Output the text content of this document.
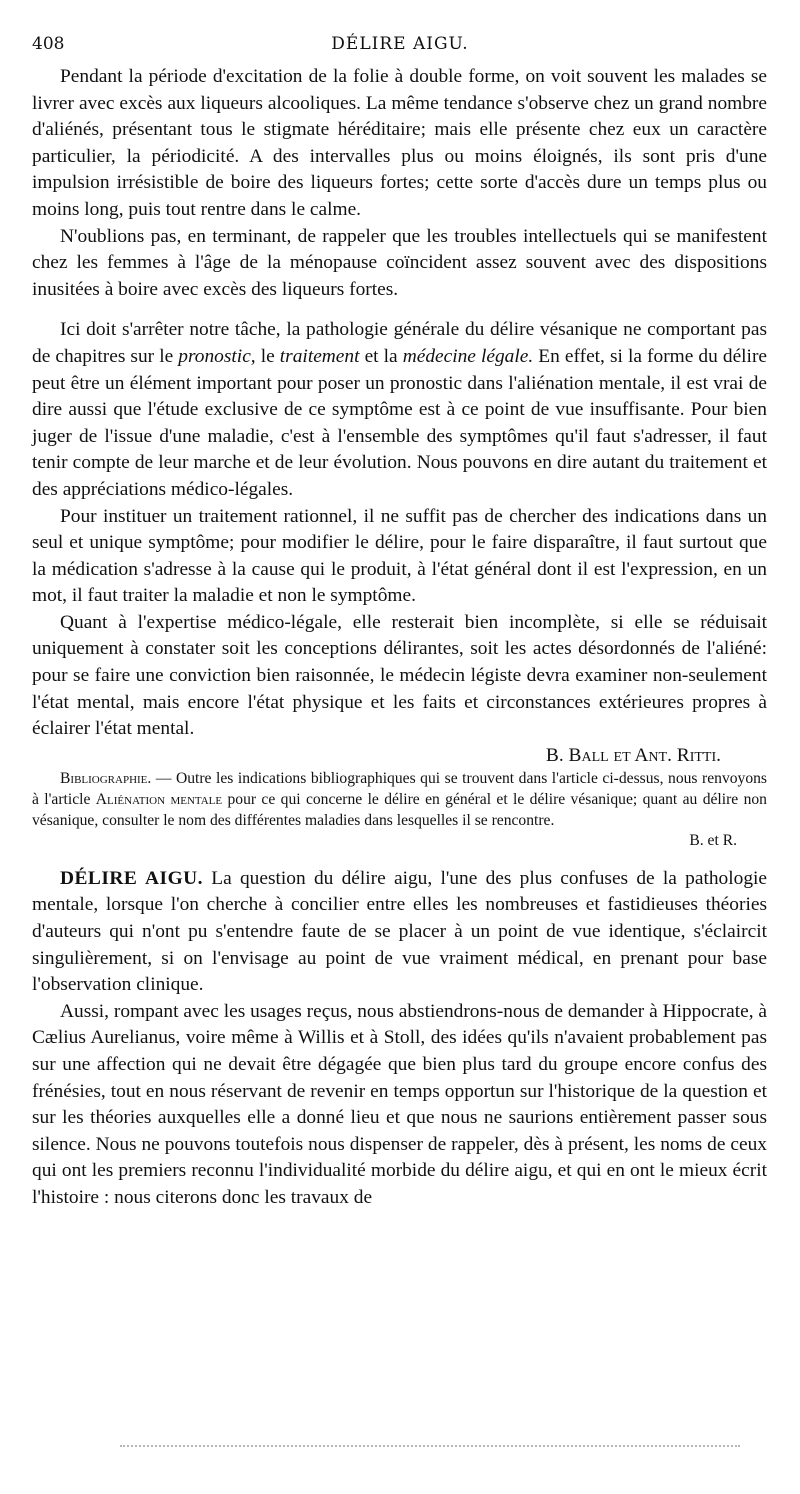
408	DÉLIRE AIGU.

Pendant la période d'excitation de la folie à double forme, on voit souvent les malades se livrer avec excès aux liqueurs alcooliques. La même tendance s'observe chez un grand nombre d'aliénés, présentant tous le stigmate héréditaire; mais elle présente chez eux un caractère particulier, la périodicité. A des intervalles plus ou moins éloignés, ils sont pris d'une impulsion irrésistible de boire des liqueurs fortes; cette sorte d'accès dure un temps plus ou moins long, puis tout rentre dans le calme.

N'oublions pas, en terminant, de rappeler que les troubles intellectuels qui se manifestent chez les femmes à l'âge de la ménopause coïncident assez souvent avec des dispositions inusitées à boire avec excès des liqueurs fortes.

Ici doit s'arrêter notre tâche, la pathologie générale du délire vésanique ne comportant pas de chapitres sur le pronostic, le traitement et la médecine légale. En effet, si la forme du délire peut être un élément important pour poser un pronostic dans l'aliénation mentale, il est vrai de dire aussi que l'étude exclusive de ce symptôme est à ce point de vue insuffisante. Pour bien juger de l'issue d'une maladie, c'est à l'ensemble des symptômes qu'il faut s'adresser, il faut tenir compte de leur marche et de leur évolution. Nous pouvons en dire autant du traitement et des appréciations médico-légales.

Pour instituer un traitement rationnel, il ne suffit pas de chercher des indications dans un seul et unique symptôme; pour modifier le délire, pour le faire disparaître, il faut surtout que la médication s'adresse à la cause qui le produit, à l'état général dont il est l'expression, en un mot, il faut traiter la maladie et non le symptôme.

Quant à l'expertise médico-légale, elle resterait bien incomplète, si elle se réduisait uniquement à constater soit les conceptions délirantes, soit les actes désordonnés de l'aliéné: pour se faire une conviction bien raisonnée, le médecin légiste devra examiner non-seulement l'état mental, mais encore l'état physique et les faits et circonstances extérieures propres à éclairer l'état mental.

B. Ball et Ant. Ritti.

Bibliographie. — Outre les indications bibliographiques qui se trouvent dans l'article ci-dessus, nous renvoyons à l'article Aliénation mentale pour ce qui concerne le délire en général et le délire vésanique; quant au délire non vésanique, consulter le nom des différentes maladies dans lesquelles il se rencontre.

B. et R.

DÉLIRE AIGU. La question du délire aigu, l'une des plus confuses de la pathologie mentale, lorsque l'on cherche à concilier entre elles les nombreuses et fastidieuses théories d'auteurs qui n'ont pu s'entendre faute de se placer à un point de vue identique, s'éclaircit singulièrement, si on l'envisage au point de vue vraiment médical, en prenant pour base l'observation clinique.

Aussi, rompant avec les usages reçus, nous abstiendrons-nous de demander à Hippocrate, à Cælius Aurelianus, voire même à Willis et à Stoll, des idées qu'ils n'avaient probablement pas sur une affection qui ne devait être dégagée que bien plus tard du groupe encore confus des frénésies, tout en nous réservant de revenir en temps opportun sur l'historique de la question et sur les théories auxquelles elle a donné lieu et que nous ne saurions entièrement passer sous silence. Nous ne pouvons toutefois nous dispenser de rappeler, dès à présent, les noms de ceux qui ont les premiers reconnu l'individualité morbide du délire aigu, et qui en ont le mieux écrit l'histoire : nous citerons donc les travaux de
